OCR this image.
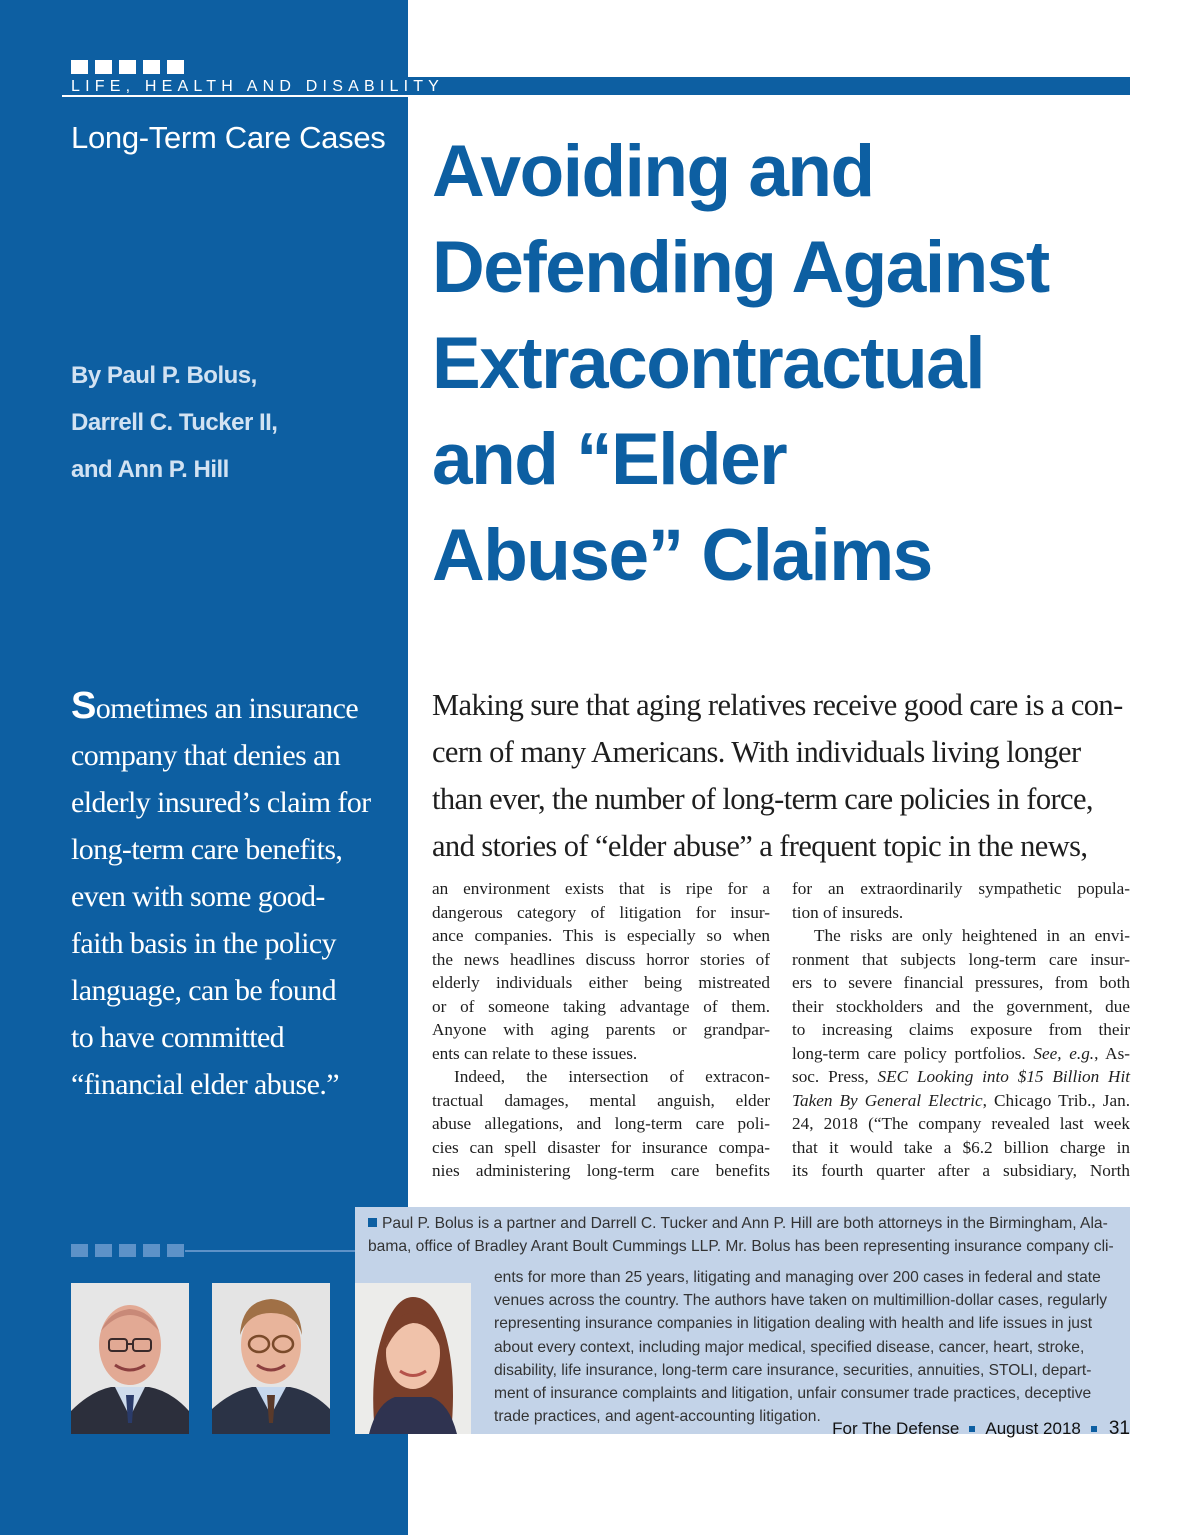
LIFE, HEALTH AND DISABILITY
Long-Term Care Cases
By Paul P. Bolus,
Darrell C. Tucker II,
and Ann P. Hill
Avoiding and
Defending Against
Extracontractual
and “Elder
Abuse” Claims
Sometimes an insurance
company that denies an
elderly insured’s claim for
long-term care benefits,
even with some good-
faith basis in the policy
language, can be found
to have committed
“financial elder abuse.”
Making sure that aging relatives receive good care is a con-
cern of many Americans. With individuals living longer
than ever, the number of long-term care policies in force,
and stories of “elder abuse” a frequent topic in the news,
an environment exists that is ripe for a
dangerous category of litigation for insur-
ance companies. This is especially so when
the news headlines discuss horror stories of
elderly individuals either being mistreated
or of someone taking advantage of them.
Anyone with aging parents or grandpar-
ents can relate to these issues.
Indeed, the intersection of extracon-
tractual damages, mental anguish, elder
abuse allegations, and long-term care poli-
cies can spell disaster for insurance compa-
nies administering long-term care benefits
for an extraordinarily sympathetic popula-
tion of insureds.
The risks are only heightened in an envi-
ronment that subjects long-term care insur-
ers to severe financial pressures, from both
their stockholders and the government, due
to increasing claims exposure from their
long-term care policy portfolios. See, e.g., As-
soc. Press, SEC Looking into $15 Billion Hit
Taken By General Electric, Chicago Trib., Jan.
24, 2018 (“The company revealed last week
that it would take a $6.2 billion charge in
its fourth quarter after a subsidiary, North
Paul P. Bolus is a partner and Darrell C. Tucker and Ann P. Hill are both attorneys in the Birmingham, Ala-
bama, office of Bradley Arant Boult Cummings LLP. Mr. Bolus has been representing insurance company cli-
ents for more than 25 years, litigating and managing over 200 cases in federal and state
venues across the country. The authors have taken on multimillion-dollar cases, regularly
representing insurance companies in litigation dealing with health and life issues in just
about every context, including major medical, specified disease, cancer, heart, stroke,
disability, life insurance, long-term care insurance, securities, annuities, STOLI, depart-
ment of insurance complaints and litigation, unfair consumer trade practices, deceptive
trade practices, and agent-accounting litigation.
For The Defense August 2018 31
